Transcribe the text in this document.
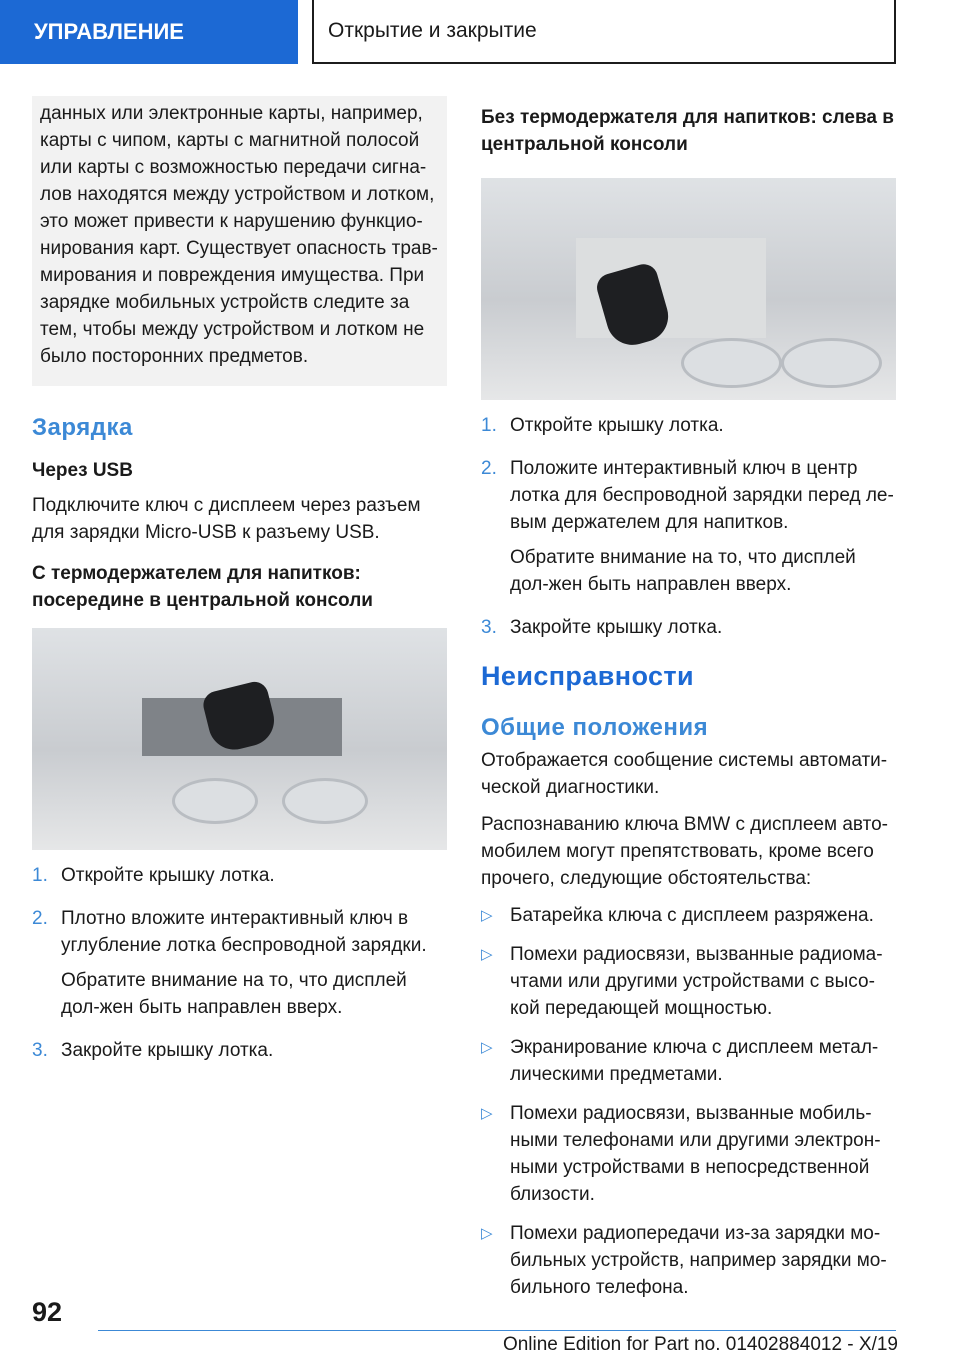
УПРАВЛЕНИЕ	Открытие и закрытие

данных или электронные карты, например,

карты с чипом, карты с магнитной полосой

или карты с возможностью передачи сигна-

лов находятся между устройством и лотком,

это может привести к нарушению функцио-

нирования карт. Существует опасность трав-

мирования и повреждения имущества. При

зарядке мобильных устройств следите за

тем, чтобы между устройством и лотком не

было посторонних предметов.

Зарядка
Через USB

Подключите ключ с дисплеем через разъем для зарядки Micro-USB к разъему USB.

С термодержателем для напитков: посередине в центральной консоли
1. Откройте крышку лотка.

2. Плотно вложите интерактивный ключ в углубление лотка беспроводной зарядки.

Обратите внимание на то, что дисплей дол-жен быть направлен вверх.

3. Закройте крышку лотка.

Без термодержателя для напитков: слева в центральной консоли
1. Откройте крышку лотка.

2. Положите интерактивный ключ в центр лотка для беспроводной зарядки перед ле-вым держателем для напитков.

Обратите внимание на то, что дисплей дол-жен быть направлен вверх.

3. Закройте крышку лотка.

Неисправности
Общие положения

Отображается сообщение системы автомати-ческой диагностики.

Распознаванию ключа BMW с дисплеем авто-мобилем могут препятствовать, кроме всего прочего, следующие обстоятельства:

▷ Батарейка ключа с дисплеем разряжена.
▷ Помехи радиосвязи, вызванные радиома-чтами или другими устройствами с высо-кой передающей мощностью.
▷ Экранирование ключа с дисплеем метал-лическими предметами.
▷ Помехи радиосвязи, вызванные мобиль-ными телефонами или другими электрон-ными устройствами в непосредственной близости.
▷ Помехи радиопередачи из-за зарядки мо-бильных устройств, например зарядки мо-бильного телефона.
92
Online Edition for Part no. 01402884012 - X/19
